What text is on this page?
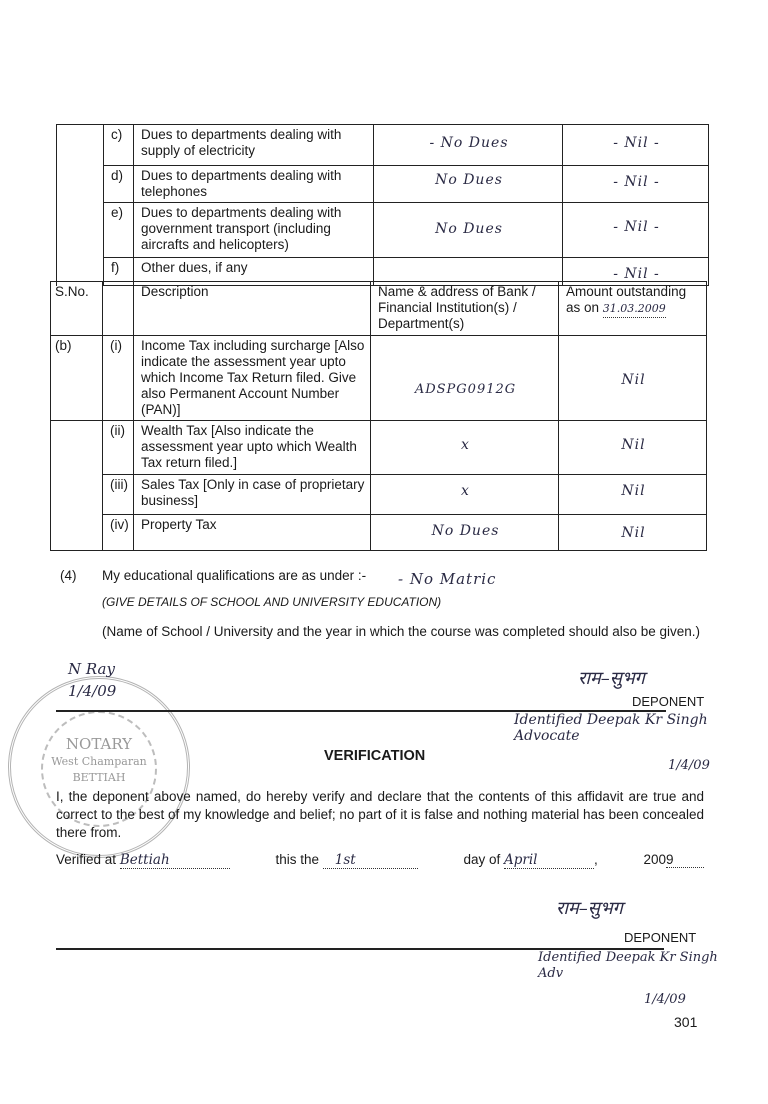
	c)	Dues to departments dealing with supply of electricity	- No Dues	- Nil -

	d)	Dues to departments dealing with telephones	No Dues	- Nil -

	e)	Dues to departments dealing with government transport (including aircrafts and helicopters)	No Dues	- Nil -

	f)	Other dues, if any		- Nil -
S.No.		Description	Name & address of Bank / Financial Institution(s) / Department(s)	Amount outstanding as on 31.03.2009
(b)	(i)	Income Tax including surcharge [Also indicate the assessment year upto which Income Tax Return filed. Give also Permanent Account Number (PAN)]	ADSPG0912G	Nil

	(ii)	Wealth Tax [Also indicate the assessment year upto which Wealth Tax return filed.]	x	Nil

	(iii)	Sales Tax [Only in case of proprietary business]	x	Nil

	(iv)	Property Tax	No Dues	Nil
(4) My educational qualifications are as under :- - No Matric
(GIVE DETAILS OF SCHOOL AND UNIVERSITY EDUCATION)
(Name of School / University and the year in which the course was completed should also be given.)
NOTARY
West Champaran
BETTIAH
N Ray 1/4/09
राम–सुभग
DEPONENT
Identified Deepak Kr Singh Advocate
1/4/09
VERIFICATION
I, the deponent above named, do hereby verify and declare that the contents of this affidavit are true and correct to the best of my knowledge and belief; no part of it is false and nothing material has been concealed there from.
Verified at Bettiah	this the 1st	day of April	,	2009
राम–सुभग
DEPONENT
Identified Deepak Kr Singh Adv
1/4/09
301
